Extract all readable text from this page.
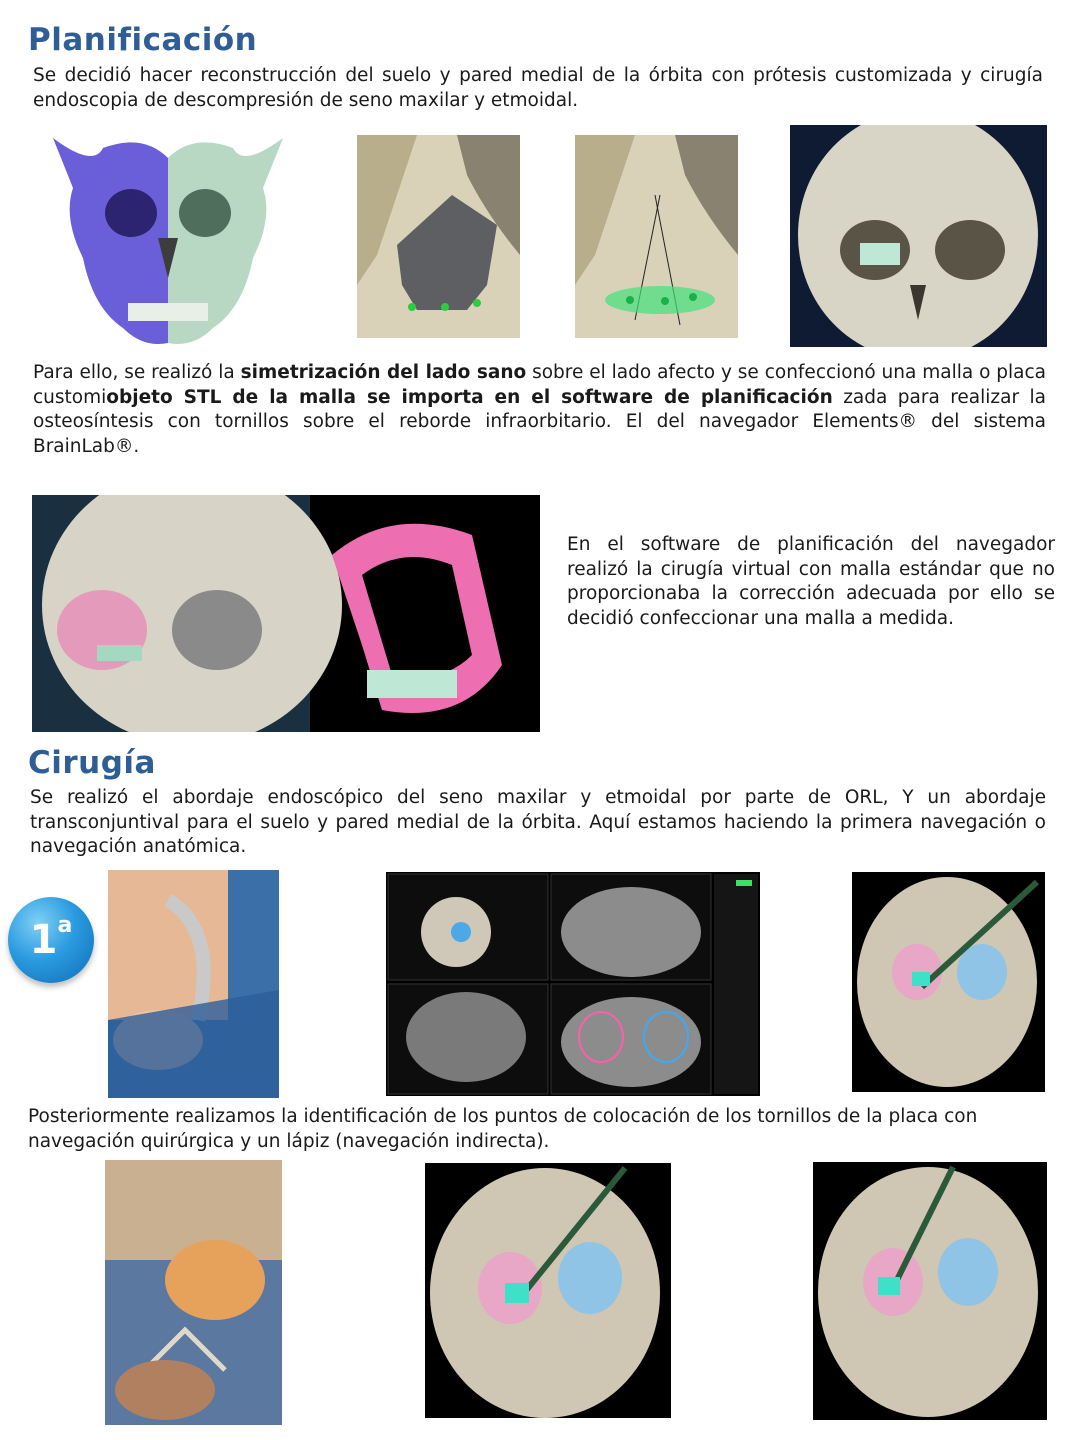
Planificación

Se decidió hacer reconstrucción del suelo y pared medial de la órbita con prótesis customizada y cirugía endoscopia de descompresión de seno maxilar y etmoidal.

Para ello, se realizó la simetrización del lado sano sobre el lado afecto y se confeccionó una malla o placa customiobjeto STL de la malla se importa en el software de planificación zada para realizar la osteosíntesis con tornillos sobre el reborde infraorbitario. El del navegador Elements® del sistema BrainLab®.

En el software de planificación del navegador realizó la cirugía virtual con malla estándar que no proporcionaba la corrección adecuada por ello se decidió confeccionar una malla a medida.

Cirugía

Se realizó el abordaje endoscópico del seno maxilar y etmoidal por parte de ORL, Y un abordaje transconjuntival para el suelo y pared medial de la órbita. Aquí estamos haciendo la primera navegación o navegación anatómica.

1 a

Posteriormente realizamos la identificación de los puntos de colocación de los tornillos de la placa con navegación quirúrgica y un lápiz (navegación indirecta).
